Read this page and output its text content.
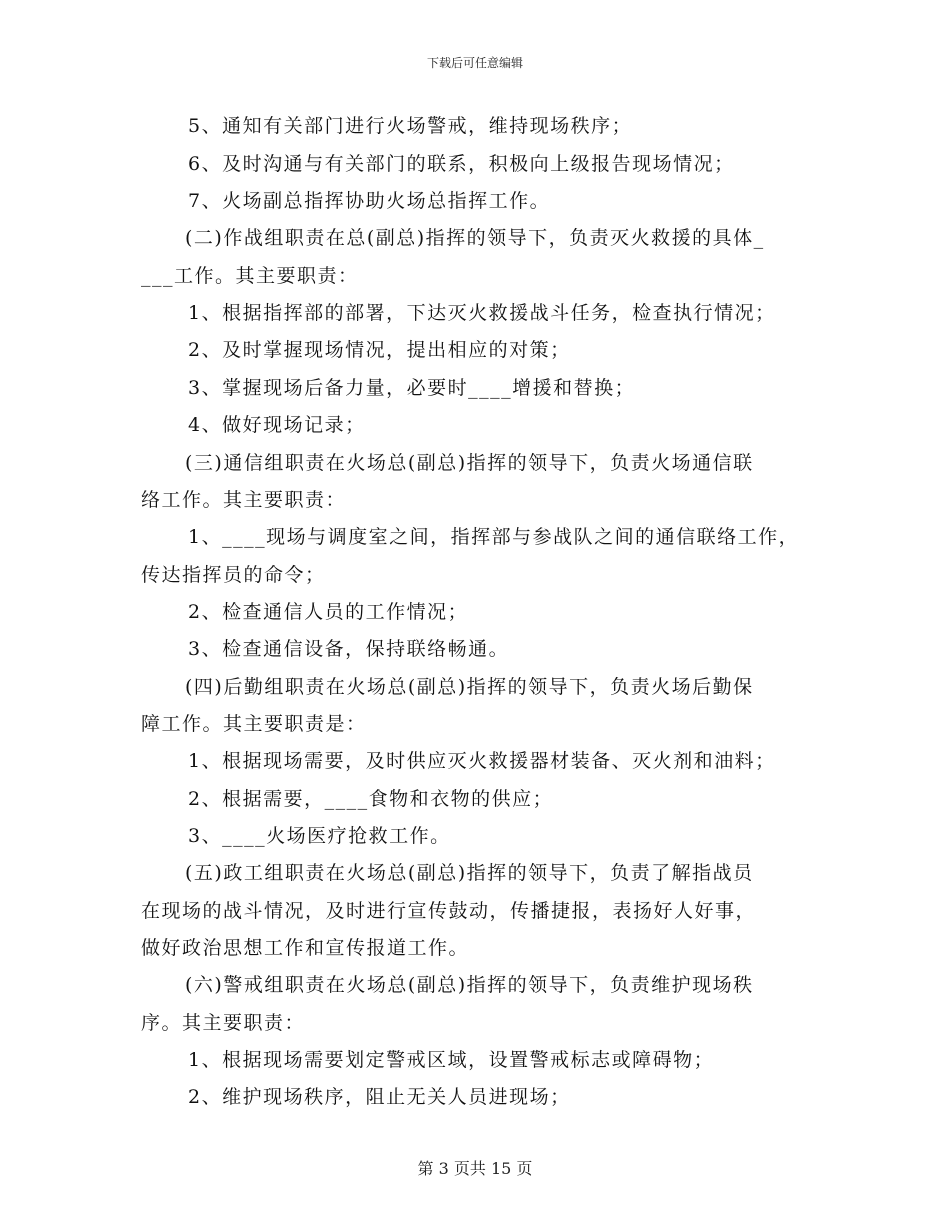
下载后可任意编辑
5、通知有关部门进行火场警戒，维持现场秩序；
6、及时沟通与有关部门的联系，积极向上级报告现场情况；
7、火场副总指挥协助火场总指挥工作。
(二)作战组职责在总(副总)指挥的领导下，负责灭火救援的具体_
___工作。其主要职责：
1、根据指挥部的部署，下达灭火救援战斗任务，检查执行情况；
2、及时掌握现场情况，提出相应的对策；
3、掌握现场后备力量，必要时____增援和替换；
4、做好现场记录；
(三)通信组职责在火场总(副总)指挥的领导下，负责火场通信联
络工作。其主要职责：
1、____现场与调度室之间，指挥部与参战队之间的通信联络工作，
传达指挥员的命令；
2、检查通信人员的工作情况；
3、检查通信设备，保持联络畅通。
(四)后勤组职责在火场总(副总)指挥的领导下，负责火场后勤保
障工作。其主要职责是：
1、根据现场需要，及时供应灭火救援器材装备、灭火剂和油料；
2、根据需要，____食物和衣物的供应；
3、____火场医疗抢救工作。
(五)政工组职责在火场总(副总)指挥的领导下，负责了解指战员
在现场的战斗情况，及时进行宣传鼓动，传播捷报，表扬好人好事，
做好政治思想工作和宣传报道工作。
(六)警戒组职责在火场总(副总)指挥的领导下，负责维护现场秩
序。其主要职责：
1、根据现场需要划定警戒区域，设置警戒标志或障碍物；
2、维护现场秩序，阻止无关人员进现场；
第 3 页共 15 页
